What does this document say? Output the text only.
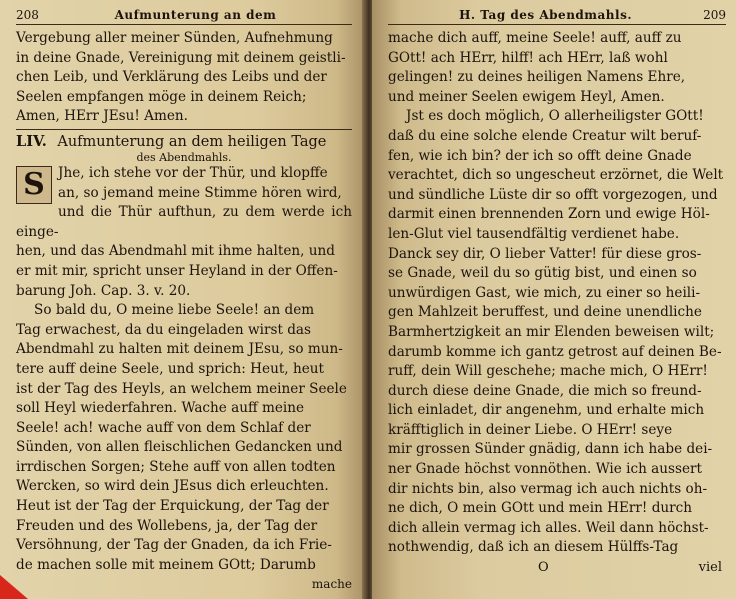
208	Aufmunterung an dem

Vergebung aller meiner Sünden, Aufnehmung

in deine Gnade, Vereinigung mit deinem geistli-

chen Leib, und Verklärung des Leibs und der

Seelen empfangen möge in deinem Reich;

Amen, HErr JEsu! Amen.

LIV. Aufmunterung an dem heiligen Tage
des Abendmahls.
S Jhe, ich stehe vor der Thür, und klopffe

an, so jemand meine Stimme hören wird,

und die Thür aufthun, zu dem werde ich einge-

hen, und das Abendmahl mit ihme halten, und

er mit mir, spricht unser Heyland in der Offen-

barung Joh. Cap. 3. v. 20.

So bald du, O meine liebe Seele! an dem

Tag erwachest, da du eingeladen wirst das

Abendmahl zu halten mit deinem JEsu, so mun-

tere auff deine Seele, und sprich: Heut, heut

ist der Tag des Heyls, an welchem meiner Seele

soll Heyl wiederfahren. Wache auff meine

Seele! ach! wache auff von dem Schlaf der

Sünden, von allen fleischlichen Gedancken und

irrdischen Sorgen; Stehe auff von allen todten

Wercken, so wird dein JEsus dich erleuchten.

Heut ist der Tag der Erquickung, der Tag der

Freuden und des Wollebens, ja, der Tag der

Versöhnung, der Tag der Gnaden, da ich Frie-

de machen solle mit meinem GOtt; Darumb

mache
H. Tag des Abendmahls.	209

mache dich auff, meine Seele! auff, auff zu

GOtt! ach HErr, hilff! ach HErr, laß wohl

gelingen! zu deines heiligen Namens Ehre,

und meiner Seelen ewigem Heyl, Amen.

Jst es doch möglich, O allerheiligster GOtt!

daß du eine solche elende Creatur wilt beruf-

fen, wie ich bin? der ich so offt deine Gnade

verachtet, dich so ungescheut erzörnet, die Welt

und sündliche Lüste dir so offt vorgezogen, und

darmit einen brennenden Zorn und ewige Höl-

len-Glut viel tausendfältig verdienet habe.

Danck sey dir, O lieber Vatter! für diese gros-

se Gnade, weil du so gütig bist, und einen so

unwürdigen Gast, wie mich, zu einer so heili-

gen Mahlzeit beruffest, und deine unendliche

Barmhertzigkeit an mir Elenden beweisen wilt;

darumb komme ich gantz getrost auf deinen Be-

ruff, dein Will geschehe; mache mich, O HErr!

durch diese deine Gnade, die mich so freund-

lich einladet, dir angenehm, und erhalte mich

kräfftiglich in deiner Liebe. O HErr! seye

mir grossen Sünder gnädig, dann ich habe dei-

ner Gnade höchst vonnöthen. Wie ich aussert

dir nichts bin, also vermag ich auch nichts oh-

ne dich, O mein GOtt und mein HErr! durch

dich allein vermag ich alles. Weil dann höchst-

nothwendig, daß ich an diesem Hülffs-Tag

O	viel
